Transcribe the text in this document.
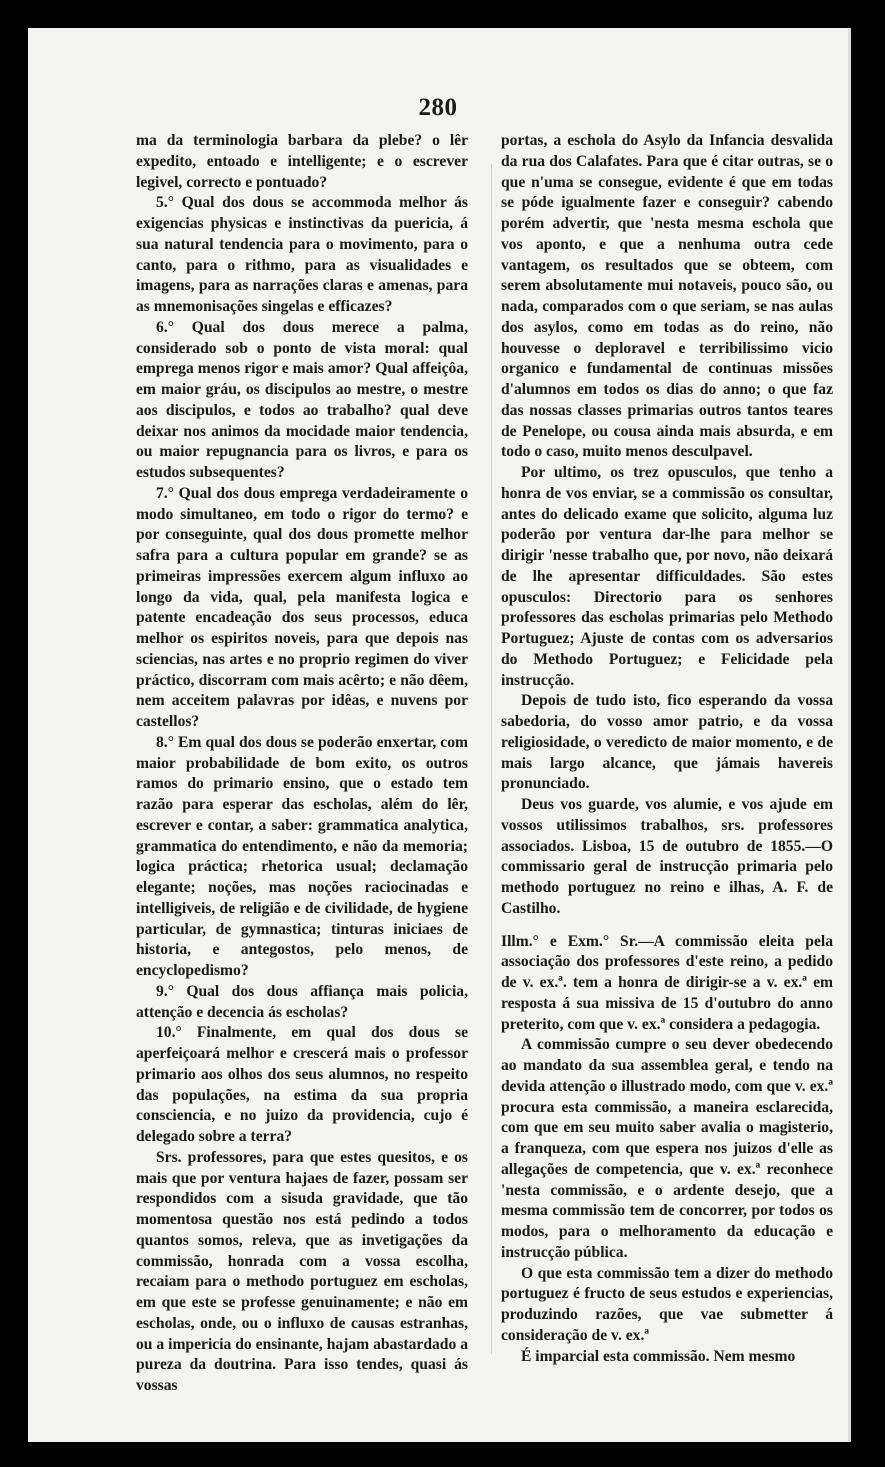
280

ma da terminologia barbara da plebe? o lêr expedito, entoado e intelligente; e o escrever legivel, correcto e pontuado?

5.° Qual dos dous se accommoda melhor ás exigencias physicas e instinctivas da puericia, á sua natural tendencia para o movimento, para o canto, para o rithmo, para as visualidades e imagens, para as narrações claras e amenas, para as mnemonisações singelas e efficazes?

6.° Qual dos dous merece a palma, considerado sob o ponto de vista moral: qual emprega menos rigor e mais amor? Qual affeiçôa, em maior gráu, os discipulos ao mestre, o mestre aos discipulos, e todos ao trabalho? qual deve deixar nos animos da mocidade maior tendencia, ou maior repugnancia para os livros, e para os estudos subsequentes?

7.° Qual dos dous emprega verdadeiramente o modo simultaneo, em todo o rigor do termo? e por conseguinte, qual dos dous promette melhor safra para a cultura popular em grande? se as primeiras impressões exercem algum influxo ao longo da vida, qual, pela manifesta logica e patente encadeação dos seus processos, educa melhor os espiritos noveis, para que depois nas sciencias, nas artes e no proprio regimen do viver práctico, discorram com mais acêrto; e não dêem, nem acceitem palavras por idêas, e nuvens por castellos?

8.° Em qual dos dous se poderão enxertar, com maior probabilidade de bom exito, os outros ramos do primario ensino, que o estado tem razão para esperar das escholas, além do lêr, escrever e contar, a saber: grammatica analytica, grammatica do entendimento, e não da memoria; logica práctica; rhetorica usual; declamação elegante; noções, mas noções raciocinadas e intelligiveis, de religião e de civilidade, de hygiene particular, de gymnastica; tinturas iniciaes de historia, e antegostos, pelo menos, de encyclopedismo?

9.° Qual dos dous affiança mais policia, attenção e decencia ás escholas?

10.° Finalmente, em qual dos dous se aperfeiçoará melhor e crescerá mais o professor primario aos olhos dos seus alumnos, no respeito das populações, na estima da sua propria consciencia, e no juizo da providencia, cujo é delegado sobre a terra?

Srs. professores, para que estes quesitos, e os mais que por ventura hajaes de fazer, possam ser respondidos com a sisuda gravidade, que tão momentosa questão nos está pedindo a todos quantos somos, releva, que as invetigações da commissão, honrada com a vossa escolha, recaiam para o methodo portuguez em escholas, em que este se professe genuinamente; e não em escholas, onde, ou o influxo de causas estranhas, ou a impericia do ensinante, hajam abastardado a pureza da doutrina. Para isso tendes, quasi ás vossas

portas, a eschola do Asylo da Infancia desvalida da rua dos Calafates. Para que é citar outras, se o que n'uma se consegue, evidente é que em todas se póde igualmente fazer e conseguir? cabendo porém advertir, que 'nesta mesma eschola que vos aponto, e que a nenhuma outra cede vantagem, os resultados que se obteem, com serem absolutamente mui notaveis, pouco são, ou nada, comparados com o que seriam, se nas aulas dos asylos, como em todas as do reino, não houvesse o deploravel e terribilissimo vicio organico e fundamental de continuas missões d'alumnos em todos os dias do anno; o que faz das nossas classes primarias outros tantos teares de Penelope, ou cousa ainda mais absurda, e em todo o caso, muito menos desculpavel.

Por ultimo, os trez opusculos, que tenho a honra de vos enviar, se a commissão os consultar, antes do delicado exame que solicito, alguma luz poderão por ventura dar-lhe para melhor se dirigir 'nesse trabalho que, por novo, não deixará de lhe apresentar difficuldades. São estes opusculos: Directorio para os senhores professores das escholas primarias pelo Methodo Portuguez; Ajuste de contas com os adversarios do Methodo Portuguez; e Felicidade pela instrucção.

Depois de tudo isto, fico esperando da vossa sabedoria, do vosso amor patrio, e da vossa religiosidade, o veredicto de maior momento, e de mais largo alcance, que jámais havereis pronunciado.

Deus vos guarde, vos alumie, e vos ajude em vossos utilissimos trabalhos, srs. professores associados. Lisboa, 15 de outubro de 1855.—O commissario geral de instrucção primaria pelo methodo portuguez no reino e ilhas, A. F. de Castilho.

Illm.° e Exm.° Sr.—A commissão eleita pela associação dos professores d'este reino, a pedido de v. ex.ª. tem a honra de dirigir-se a v. ex.ª em resposta á sua missiva de 15 d'outubro do anno preterito, com que v. ex.ª considera a pedagogia.

A commissão cumpre o seu dever obedecendo ao mandato da sua assemblea geral, e tendo na devida attenção o illustrado modo, com que v. ex.ª procura esta commissão, a maneira esclarecida, com que em seu muito saber avalia o magisterio, a franqueza, com que espera nos juizos d'elle as allegações de competencia, que v. ex.ª reconhece 'nesta commissão, e o ardente desejo, que a mesma commissão tem de concorrer, por todos os modos, para o melhoramento da educação e instrucção pública.

O que esta commissão tem a dizer do methodo portuguez é fructo de seus estudos e experiencias, produzindo razões, que vae submetter á consideração de v. ex.ª

É imparcial esta commissão. Nem mesmo
